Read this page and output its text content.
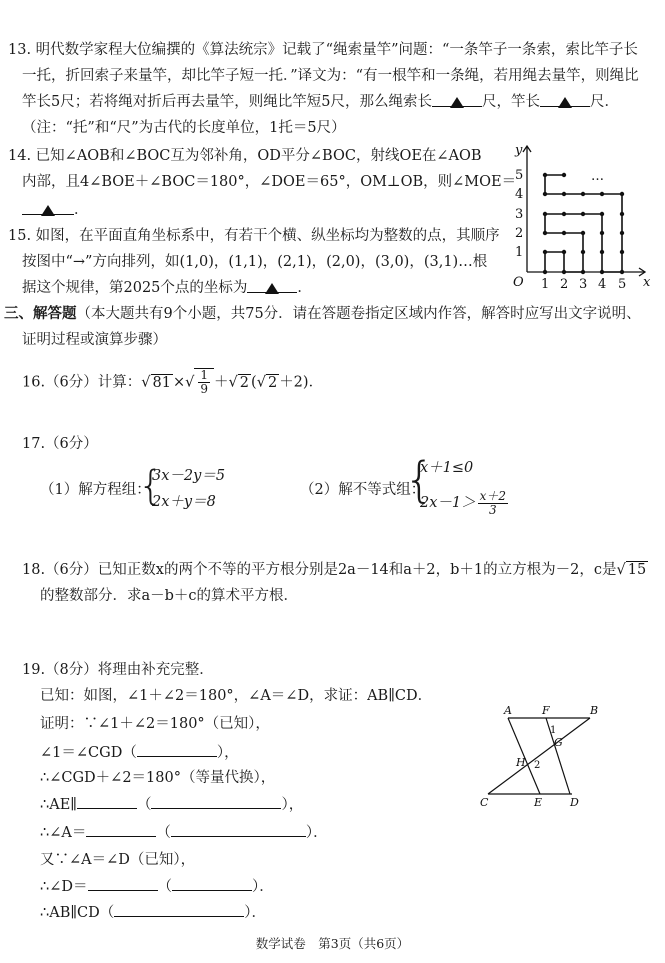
13. 明代数学家程大位编撰的《算法统宗》记载了“绳索量竿”问题：“一条竿子一条索，索比竿子长
一托，折回索子来量竿，却比竿子短一托．”译文为：“有一根竿和一条绳，若用绳去量竿，则绳比
竿长5尺；若将绳对折后再去量竿，则绳比竿短5尺，那么绳索长	尺，竿长	尺．
（注：“托”和“尺”为古代的长度单位，1托＝5尺）
14. 已知∠AOB和∠BOC互为邻补角，OD平分∠BOC，射线OE在∠AOB
内部，且4∠BOE＋∠BOC＝180°，∠DOE＝65°，OM⊥OB，则∠MOE＝
．
15. 如图，在平面直角坐标系中，有若干个横、纵坐标均为整数的点，其顺序
按图中“→”方向排列，如(1,0)，(1,1)，(2,1)，(2,0)，(3,0)，(3,1)…根
据这个规律，第2025个点的坐标为	．
y
x
O 1 2 3 4 5
1
2
3
4
5	…
三、解答题（本大题共有9个小题，共75分．请在答题卷指定区域内作答，解答时应写出文字说明、
证明过程或演算步骤）
16.（6分）计算：√ 81 ×√ $\frac{1}{9}$ ＋√ 2 (√ 2 ＋2)．
17.（6分）
（1）解方程组：
{
3x－2y＝5
2x＋y＝8
（2）解不等式组：
{
x＋1≤0
$2x-1> \frac{x+2}{3}$
18.（6分）已知正数x的两个不等的平方根分别是2a－14和a＋2，b＋1的立方根为－2，c是√ 15
的整数部分．求a－b＋c的算术平方根．
19.（8分）将理由补充完整．
已知：如图，∠1＋∠2＝180°，∠A＝∠D，求证：AB∥CD．
证明：∵∠1＋∠2＝180°（已知），
∠1＝∠CGD（	），
∴∠CGD＋∠2＝180°（等量代换），
∴AE∥	（	），
∴∠A＝	（	）．
又∵∠A＝∠D（已知），
∴∠D＝	（	）．
∴AB∥CD（	）．
A	F	B
G
H
C	E	D
1
2
数学试卷　第3页（共6页）
